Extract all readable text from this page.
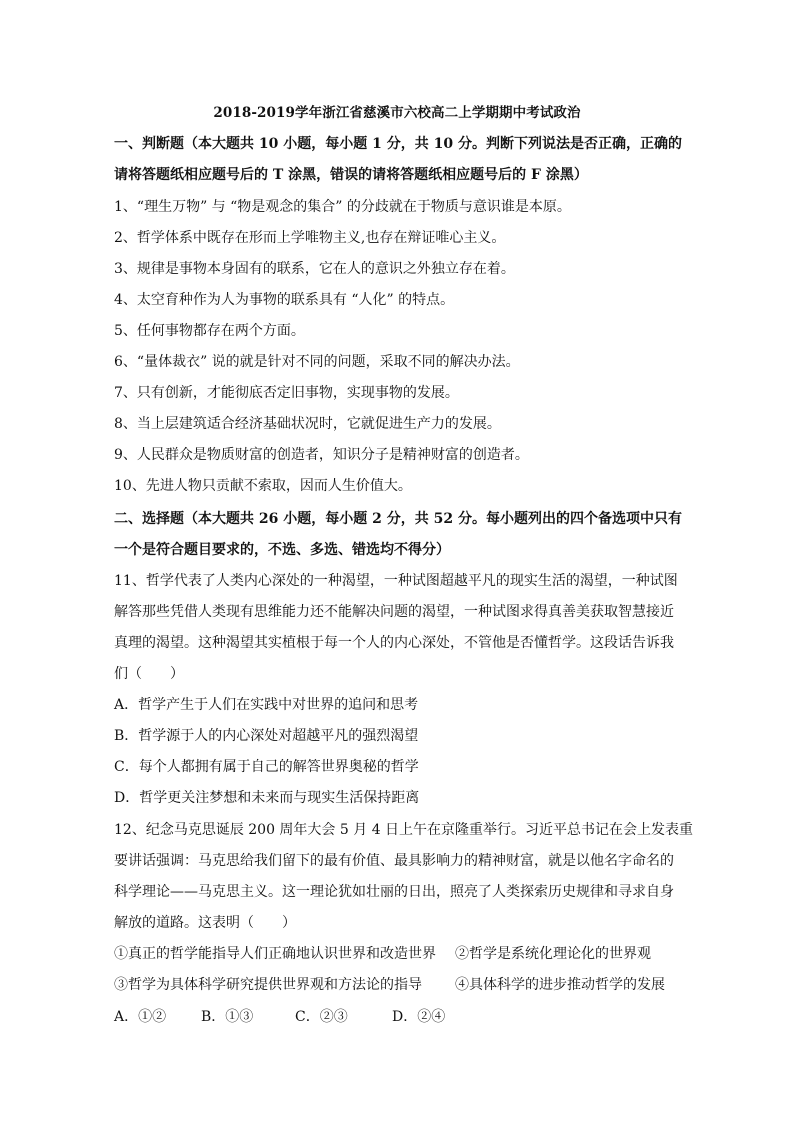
2018-2019学年浙江省慈溪市六校高二上学期期中考试政治
一、判断题（本大题共 10 小题，每小题 1 分，共 10 分。判断下列说法是否正确，正确的
请将答题纸相应题号后的 T 涂黑，错误的请将答题纸相应题号后的 F 涂黑）
1、“理生万物” 与 “物是观念的集合” 的分歧就在于物质与意识谁是本原。
2、哲学体系中既存在形而上学唯物主义,也存在辩证唯心主义。
3、规律是事物本身固有的联系，它在人的意识之外独立存在着。
4、太空育种作为人为事物的联系具有 “人化” 的特点。
5、任何事物都存在两个方面。
6、“量体裁衣” 说的就是针对不同的问题，采取不同的解决办法。
7、只有创新，才能彻底否定旧事物，实现事物的发展。
8、当上层建筑适合经济基础状况时，它就促进生产力的发展。
9、人民群众是物质财富的创造者，知识分子是精神财富的创造者。
10、先进人物只贡献不索取，因而人生价值大。
二、选择题（本大题共 26 小题，每小题 2 分，共 52 分。每小题列出的四个备选项中只有
一个是符合题目要求的，不选、多选、错选均不得分）
11、哲学代表了人类内心深处的一种渴望，一种试图超越平凡的现实生活的渴望，一种试图
解答那些凭借人类现有思维能力还不能解决问题的渴望，一种试图求得真善美获取智慧接近
真理的渴望。这种渴望其实植根于每一个人的内心深处，不管他是否懂哲学。这段话告诉我
们（　　）
A．哲学产生于人们在实践中对世界的追问和思考
B．哲学源于人的内心深处对超越平凡的强烈渴望
C．每个人都拥有属于自己的解答世界奥秘的哲学
D．哲学更关注梦想和未来而与现实生活保持距离
12、纪念马克思诞辰 200 周年大会 5 月 4 日上午在京隆重举行。习近平总书记在会上发表重
要讲话强调：马克思给我们留下的最有价值、最具影响力的精神财富，就是以他名字命名的
科学理论——马克思主义。这一理论犹如壮丽的日出，照亮了人类探索历史规律和寻求自身
解放的道路。这表明（　　）
①真正的哲学能指导人们正确地认识世界和改造世界 ②哲学是系统化理论化的世界观
③哲学为具体科学研究提供世界观和方法论的指导 ④具体科学的进步推动哲学的发展
A．①② B．①③	C．②③	D．②④
